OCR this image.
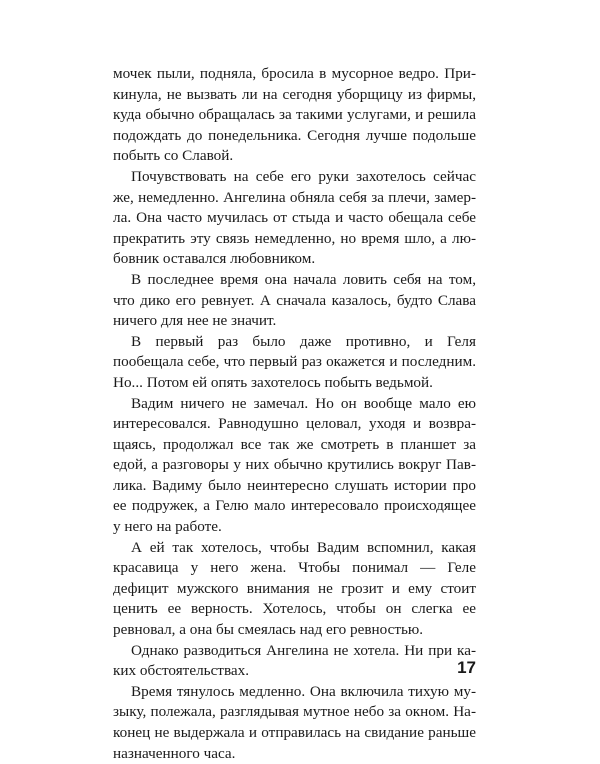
мочек пыли, подняла, бросила в мусорное ведро. Прикинула, не вызвать ли на сегодня уборщицу из фирмы, куда обычно обращалась за такими услугами, и решила подождать до понедельника. Сегодня лучше подольше побыть со Славой.

Почувствовать на себе его руки захотелось сейчас же, немедленно. Ангелина обняла себя за плечи, замерла. Она часто мучилась от стыда и часто обещала себе прекратить эту связь немедленно, но время шло, а любовник оставался любовником.

В последнее время она начала ловить себя на том, что дико его ревнует. А сначала казалось, будто Слава ничего для нее не значит.

В первый раз было даже противно, и Геля пообещала себе, что первый раз окажется и последним. Но... Потом ей опять захотелось побыть ведьмой.

Вадим ничего не замечал. Но он вообще мало ею интересовался. Равнодушно целовал, уходя и возвращаясь, продолжал все так же смотреть в планшет за едой, а разговоры у них обычно крутились вокруг Павлика. Вадиму было неинтересно слушать истории про ее подружек, а Гелю мало интересовало происходящее у него на работе.

А ей так хотелось, чтобы Вадим вспомнил, какая красавица у него жена. Чтобы понимал — Геле дефицит мужского внимания не грозит и ему стоит ценить ее верность. Хотелось, чтобы он слегка ее ревновал, а она бы смеялась над его ревностью.

Однако разводиться Ангелина не хотела. Ни при каких обстоятельствах.

Время тянулось медленно. Она включила тихую музыку, полежала, разглядывая мутное небо за окном. Наконец не выдержала и отправилась на свидание раньше назначенного часа.

17
